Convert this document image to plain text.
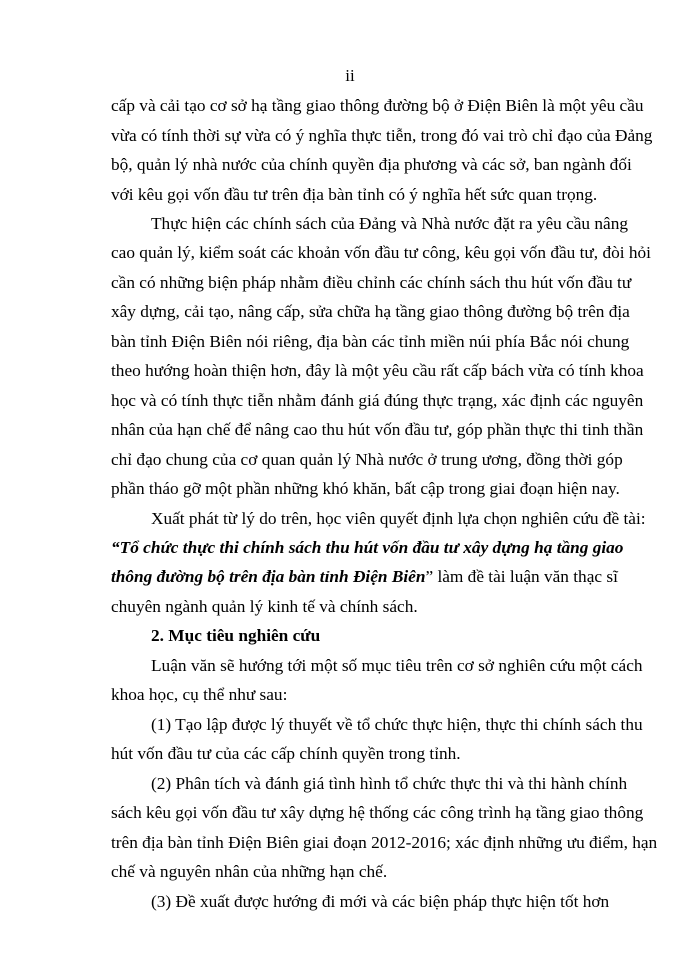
ii
cấp và cải tạo cơ sở hạ tầng giao thông đường bộ ở Điện Biên là một yêu cầu
vừa có tính thời sự vừa có ý nghĩa thực tiễn, trong đó vai trò chỉ đạo của Đảng
bộ, quản lý nhà nước của chính quyền địa phương và các sở, ban ngành đối
với kêu gọi vốn đầu tư trên địa bàn tỉnh có ý nghĩa hết sức quan trọng.
Thực hiện các chính sách của Đảng và Nhà nước đặt ra yêu cầu nâng
cao quản lý, kiểm soát các khoản vốn đầu tư công, kêu gọi vốn đầu tư, đòi hỏi
cần có những biện pháp nhằm điều chỉnh các chính sách thu hút vốn đầu tư
xây dựng, cải tạo, nâng cấp, sửa chữa hạ tầng giao thông đường bộ trên địa
bàn tỉnh Điện Biên nói riêng, địa bàn các tỉnh miền núi phía Bắc nói chung
theo hướng hoàn thiện hơn, đây là một yêu cầu rất cấp bách vừa có tính khoa
học và có tính thực tiễn nhằm đánh giá đúng thực trạng, xác định các nguyên
nhân của hạn chế để nâng cao thu hút vốn đầu tư, góp phần thực thi tinh thần
chỉ đạo chung của cơ quan quản lý Nhà nước ở trung ương, đồng thời góp
phần tháo gỡ một phần những khó khăn, bất cập trong giai đoạn hiện nay.
Xuất phát từ lý do trên, học viên quyết định lựa chọn nghiên cứu đề tài:
“Tổ chức thực thi chính sách thu hút vốn đầu tư xây dựng hạ tầng giao
thông đường bộ trên địa bàn tỉnh Điện Biên” làm đề tài luận văn thạc sĩ
chuyên ngành quản lý kinh tế và chính sách.
2. Mục tiêu nghiên cứu
Luận văn sẽ hướng tới một số mục tiêu trên cơ sở nghiên cứu một cách
khoa học, cụ thể như sau:
(1) Tạo lập được lý thuyết về tổ chức thực hiện, thực thi chính sách thu
hút vốn đầu tư của các cấp chính quyền trong tỉnh.
(2) Phân tích và đánh giá tình hình tổ chức thực thi và thi hành chính
sách kêu gọi vốn đầu tư xây dựng hệ thống các công trình hạ tầng giao thông
trên địa bàn tỉnh Điện Biên giai đoạn 2012-2016; xác định những ưu điểm, hạn
chế và nguyên nhân của những hạn chế.
(3) Đề xuất được hướng đi mới và các biện pháp thực hiện tốt hơn
